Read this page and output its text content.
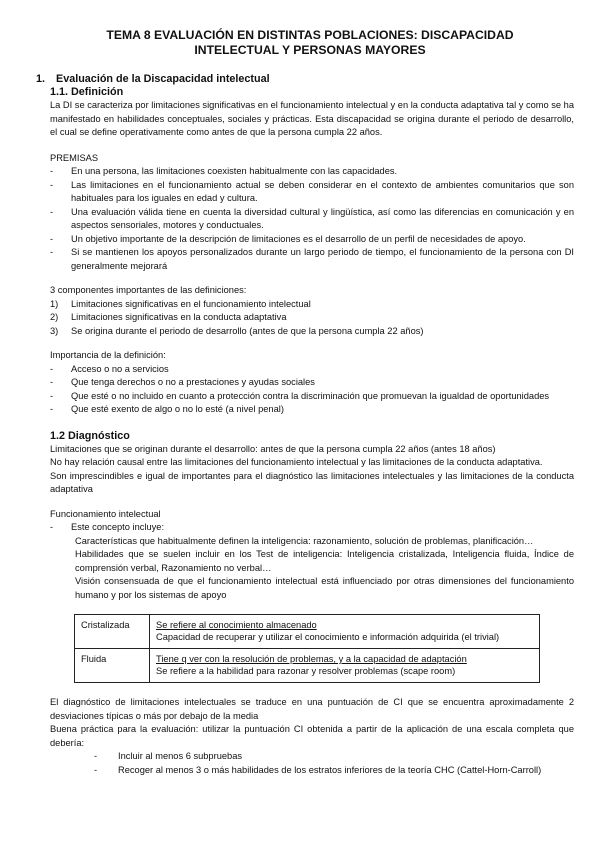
TEMA 8 EVALUACIÓN EN DISTINTAS POBLACIONES: DISCAPACIDAD
INTELECTUAL Y PERSONAS MAYORES
1.	Evaluación de la Discapacidad intelectual
1.1. Definición

La DI se caracteriza por limitaciones significativas en el funcionamiento intelectual y en la conducta adaptativa tal y como se ha manifestado en habilidades conceptuales, sociales y prácticas. Esta discapacidad se origina durante el periodo de desarrollo, el cual se define operativamente como antes de que la persona cumpla 22 años.

PREMISAS
-	En una persona, las limitaciones coexisten habitualmente con las capacidades.
-	Las limitaciones en el funcionamiento actual se deben considerar en el contexto de ambientes comunitarios que son habituales para los iguales en edad y cultura.
-	Una evaluación válida tiene en cuenta la diversidad cultural y lingüística, así como las diferencias en comunicación y en aspectos sensoriales, motores y conductuales.
-	Un objetivo importante de la descripción de limitaciones es el desarrollo de un perfil de necesidades de apoyo.
-	Si se mantienen los apoyos personalizados durante un largo periodo de tiempo, el funcionamiento de la persona con DI generalmente mejorará
3 componentes importantes de las definiciones:
1)	Limitaciones significativas en el funcionamiento intelectual
2)	Limitaciones significativas en la conducta adaptativa
3)	Se origina durante el periodo de desarrollo (antes de que la persona cumpla 22 años)
Importancia de la definición:
-	Acceso o no a servicios
-	Que tenga derechos o no a prestaciones y ayudas sociales
-	Que esté o no incluido en cuanto a protección contra la discriminación que promuevan la igualdad de oportunidades
-	Que esté exento de algo o no lo esté (a nivel penal)
1.2 Diagnóstico

Limitaciones que se originan durante el desarrollo: antes de que la persona cumpla 22 años (antes 18 años)

No hay relación causal entre las limitaciones del funcionamiento intelectual y las limitaciones de la conducta adaptativa.

Son imprescindibles e igual de importantes para el diagnóstico las limitaciones intelectuales y las limitaciones de la conducta adaptativa

Funcionamiento intelectual
-	Este concepto incluye:

Características que habitualmente definen la inteligencia: razonamiento, solución de problemas, planificación…

Habilidades que se suelen incluir en los Test de inteligencia: Inteligencia cristalizada, Inteligencia fluida, Índice de comprensión verbal, Razonamiento no verbal…

Visión consensuada de que el funcionamiento intelectual está influenciado por otras dimensiones del funcionamiento humano y por los sistemas de apoyo

Cristalizada	Se refiere al conocimiento almacenado
Capacidad de recuperar y utilizar el conocimiento e información adquirida (el trivial)

Fluida	Tiene q ver con la resolución de problemas, y a la capacidad de adaptación
Se refiere a la habilidad para razonar y resolver problemas (scape room)

El diagnóstico de limitaciones intelectuales se traduce en una puntuación de CI que se encuentra aproximadamente 2 desviaciones típicas o más por debajo de la media

Buena práctica para la evaluación: utilizar la puntuación CI obtenida a partir de la aplicación de una escala completa que debería:

-	Incluir al menos 6 subpruebas
-	Recoger al menos 3 o más habilidades de los estratos inferiores de la teoría CHC (Cattel-Horn-Carroll)
